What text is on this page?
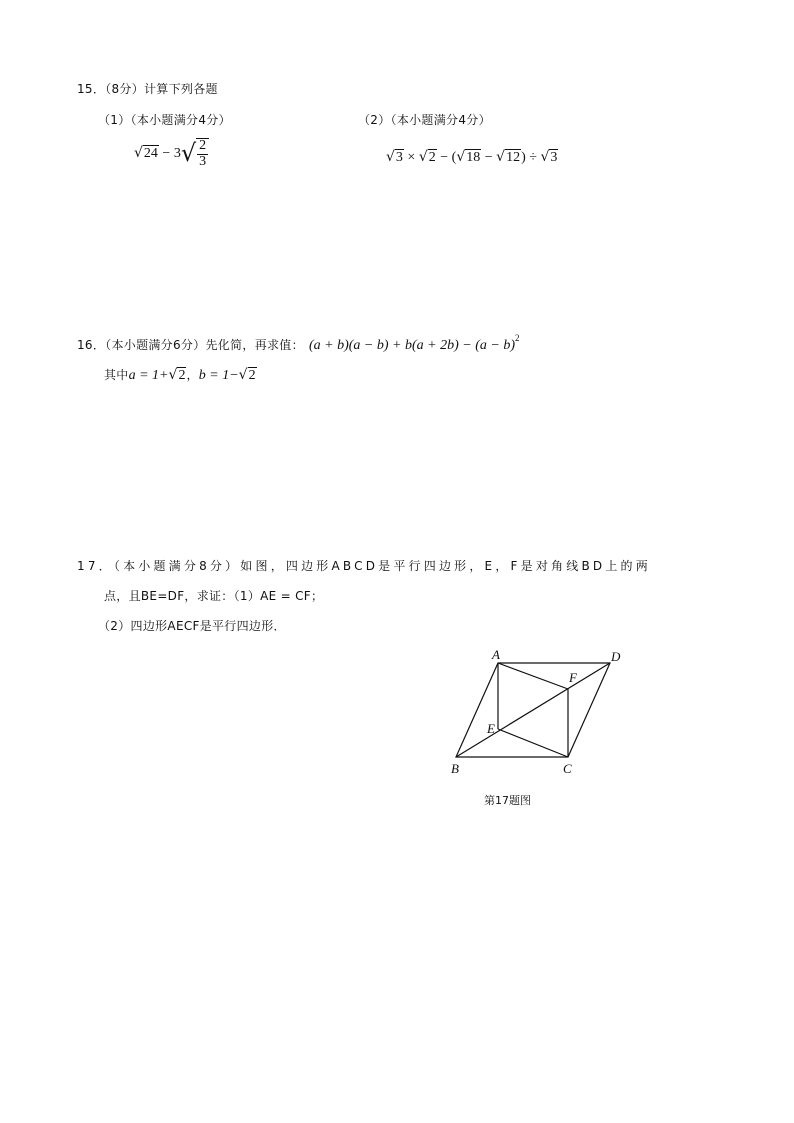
15．（8分）计算下列各题
（1）（本小题满分4分）	（2）（本小题满分4分）
$√24 - 3√ \frac{2}{3}$	√3 × √2 − (√18 − √12) ÷ √3
16．（本小题满分6分）先化简，再求值： $(a + b)(a - b) + b(a + 2b) - (a - b)^2$
其中a = 1+√2，b = 1−√2
17．（本小题满分8分）如图，四边形ABCD是平行四边形，E，F是对角线BD上的两
点，且BE=DF，求证：（1）AE = CF；
（2）四边形AECF是平行四边形．
A	D
F
E
B	C
第17题图
